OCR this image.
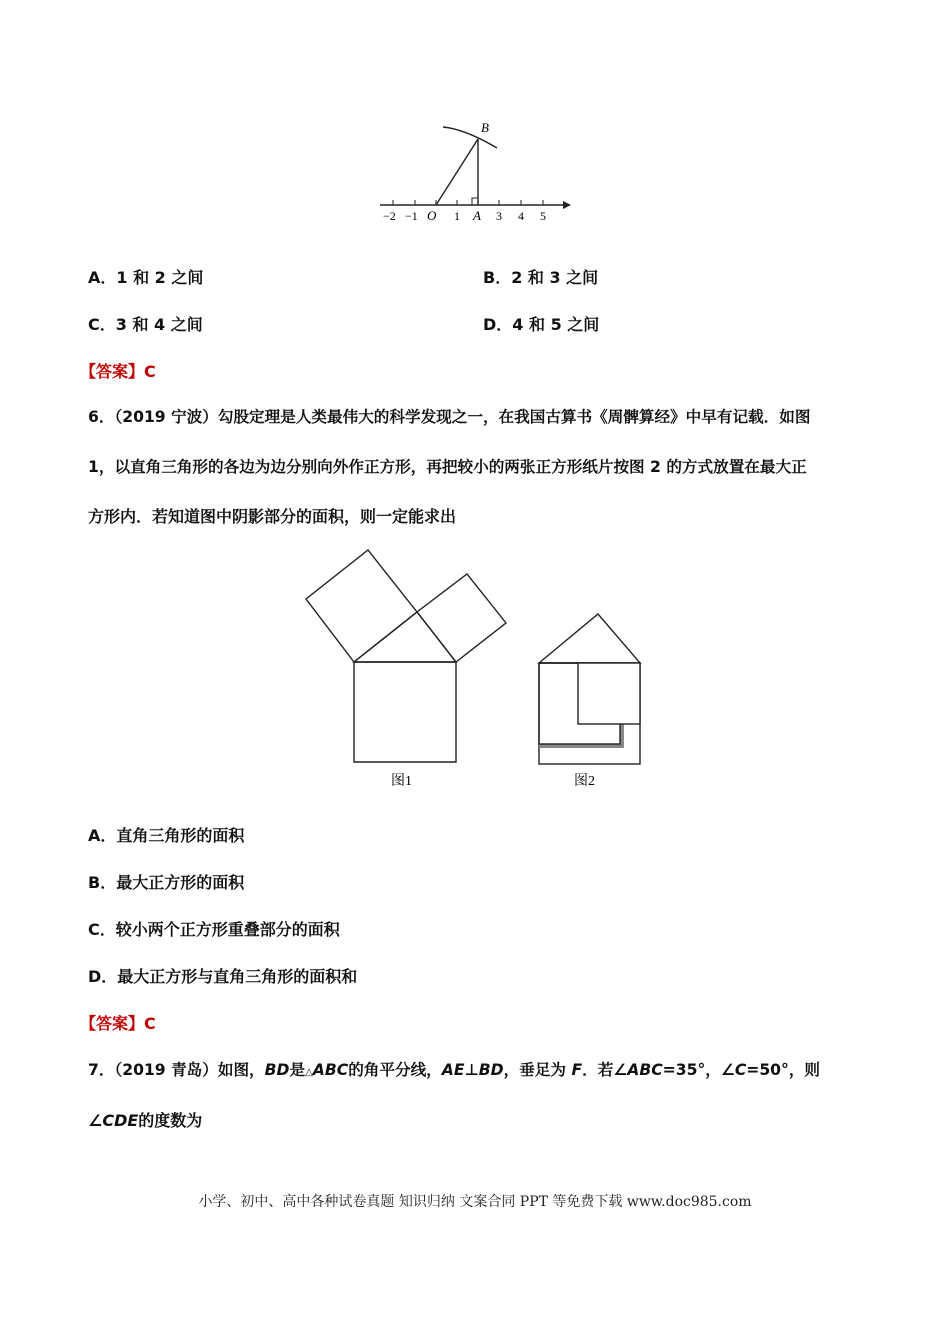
B
O	A
−2 −1	1	3 4 5
A．1 和 2 之间	B．2 和 3 之间
C．3 和 4 之间	D．4 和 5 之间
【答案】C
6．（2019 宁波）勾股定理是人类最伟大的科学发现之一，在我国古算书《周髀算经》中早有记载．如图
1，以直角三角形的各边为边分别向外作正方形，再把较小的两张正方形纸片按图 2 的方式放置在最大正
方形内．若知道图中阴影部分的面积，则一定能求出
图1	图2
A．直角三角形的面积
B．最大正方形的面积
C．较小两个正方形重叠部分的面积
D．最大正方形与直角三角形的面积和
【答案】C
7．（2019 青岛）如图，BD是△ABC的角平分线，AE⊥BD，垂足为 F．若∠ABC=35°，∠C=50°，则
∠CDE的度数为
小学、初中、高中各种试卷真题 知识归纳 文案合同 PPT 等免费下载 www.doc985.com
